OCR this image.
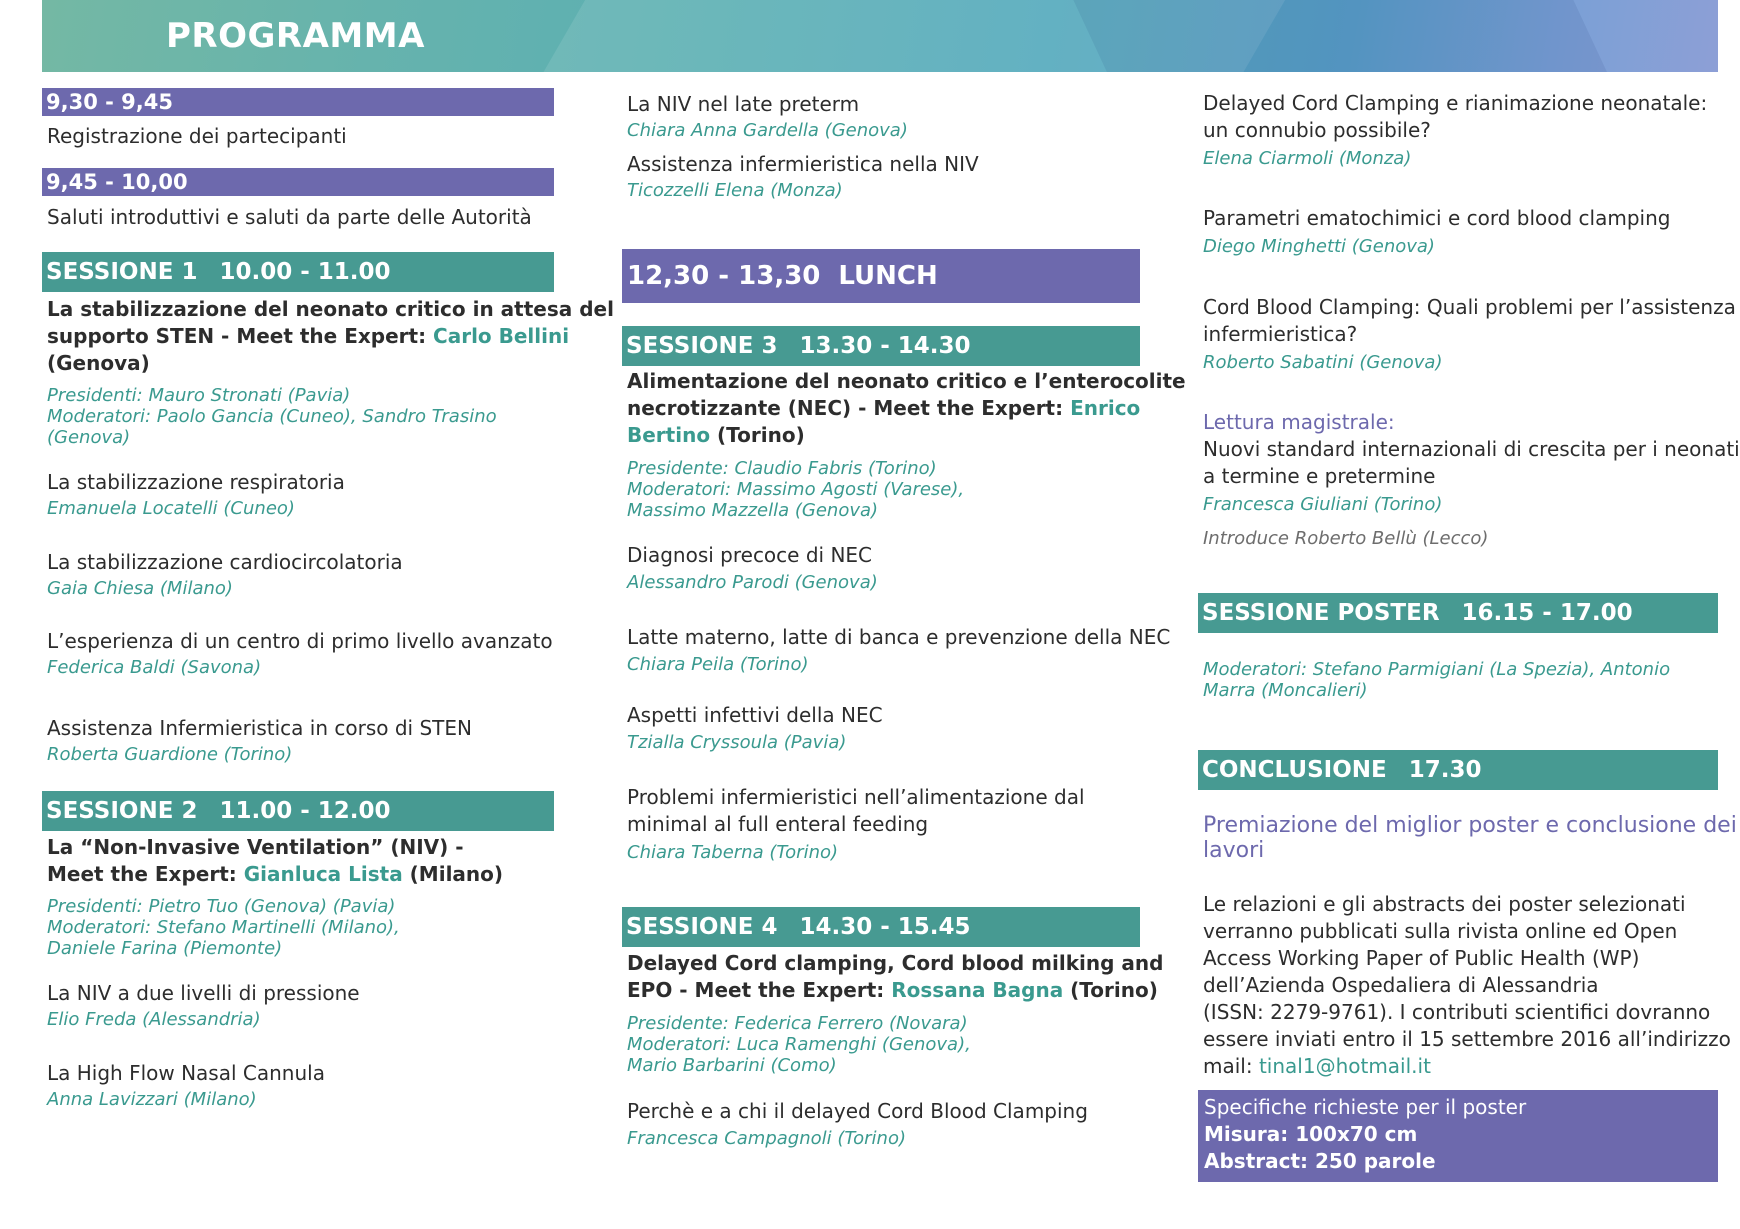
PROGRAMMA
9,30 - 9,45
Registrazione dei partecipanti
9,45 - 10,00
Saluti introduttivi e saluti da parte delle Autorità
SESSIONE 1 10.00 - 11.00
La stabilizzazione del neonato critico in attesa del
supporto STEN - Meet the Expert: Carlo Bellini
(Genova)
Presidenti: Mauro Stronati (Pavia)
Moderatori: Paolo Gancia (Cuneo), Sandro Trasino
(Genova)
La stabilizzazione respiratoria
Emanuela Locatelli (Cuneo)
La stabilizzazione cardiocircolatoria
Gaia Chiesa (Milano)
L’esperienza di un centro di primo livello avanzato
Federica Baldi (Savona)
Assistenza Infermieristica in corso di STEN
Roberta Guardione (Torino)
SESSIONE 2 11.00 - 12.00
La “Non-Invasive Ventilation” (NIV) -
Meet the Expert: Gianluca Lista (Milano)
Presidenti: Pietro Tuo (Genova) (Pavia)
Moderatori: Stefano Martinelli (Milano),
Daniele Farina (Piemonte)
La NIV a due livelli di pressione
Elio Freda (Alessandria)
La High Flow Nasal Cannula
Anna Lavizzari (Milano)
La NIV nel late preterm
Chiara Anna Gardella (Genova)
Assistenza infermieristica nella NIV
Ticozzelli Elena (Monza)
12,30 - 13,30 LUNCH
SESSIONE 3 13.30 - 14.30
Alimentazione del neonato critico e l’enterocolite
necrotizzante (NEC) - Meet the Expert: Enrico
Bertino (Torino)
Presidente: Claudio Fabris (Torino)
Moderatori: Massimo Agosti (Varese),
Massimo Mazzella (Genova)
Diagnosi precoce di NEC
Alessandro Parodi (Genova)
Latte materno, latte di banca e prevenzione della NEC
Chiara Peila (Torino)
Aspetti infettivi della NEC
Tzialla Cryssoula (Pavia)
Problemi infermieristici nell’alimentazione dal
minimal al full enteral feeding
Chiara Taberna (Torino)
SESSIONE 4 14.30 - 15.45
Delayed Cord clamping, Cord blood milking and
EPO - Meet the Expert: Rossana Bagna (Torino)
Presidente: Federica Ferrero (Novara)
Moderatori: Luca Ramenghi (Genova),
Mario Barbarini (Como)
Perchè e a chi il delayed Cord Blood Clamping
Francesca Campagnoli (Torino)
Delayed Cord Clamping e rianimazione neonatale:
un connubio possibile?
Elena Ciarmoli (Monza)
Parametri ematochimici e cord blood clamping
Diego Minghetti (Genova)
Cord Blood Clamping: Quali problemi per l’assistenza
infermieristica?
Roberto Sabatini (Genova)
Lettura magistrale:
Nuovi standard internazionali di crescita per i neonati
a termine e pretermine
Francesca Giuliani (Torino)
Introduce Roberto Bellù (Lecco)
SESSIONE POSTER 16.15 - 17.00
Moderatori: Stefano Parmigiani (La Spezia), Antonio
Marra (Moncalieri)
CONCLUSIONE 17.30
Premiazione del miglior poster e conclusione dei
lavori
Le relazioni e gli abstracts dei poster selezionati
verranno pubblicati sulla rivista online ed Open
Access Working Paper of Public Health (WP)
dell’Azienda Ospedaliera di Alessandria
(ISSN: 2279-9761). I contributi scientifici dovranno
essere inviati entro il 15 settembre 2016 all’indirizzo
mail: tinal1@hotmail.it
Specifiche richieste per il poster
Misura: 100x70 cm
Abstract: 250 parole
